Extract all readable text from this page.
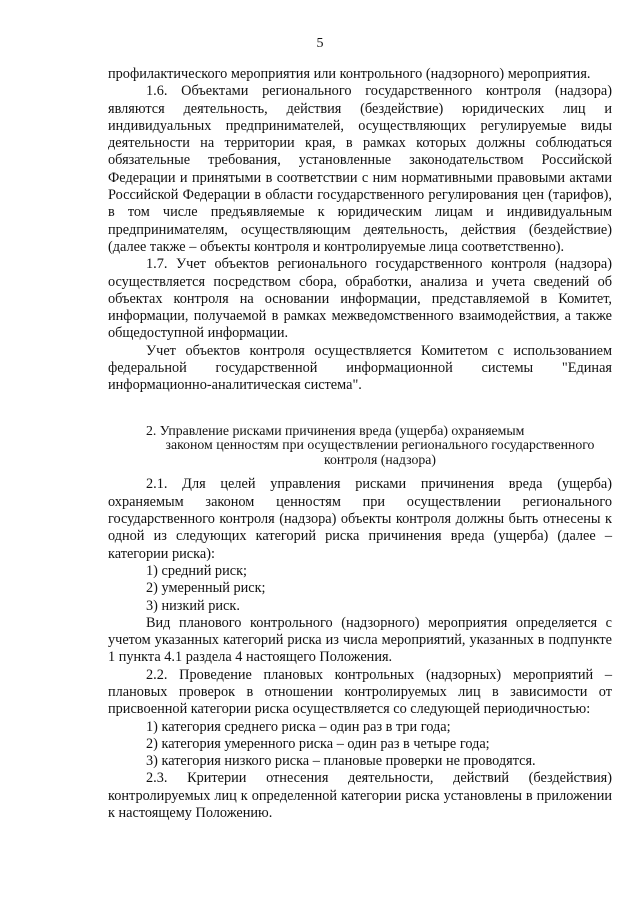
5

профилактического мероприятия или контрольного (надзорного) мероприятия.

1.6. Объектами регионального государственного контроля (надзора) являются деятельность, действия (бездействие) юридических лиц и индивидуальных предпринимателей, осуществляющих регулируемые виды деятельности на территории края, в рамках которых должны соблюдаться обязательные требования, установленные законодательством Российской Федерации и принятыми в соответствии с ним нормативными правовыми актами Российской Федерации в области государственного регулирования цен (тарифов), в том числе предъявляемые к юридическим лицам и индивидуальным предпринимателям, осуществляющим деятельность, действия (бездействие) (далее также – объекты контроля и контролируемые лица соответственно).

1.7. Учет объектов регионального государственного контроля (надзора) осуществляется посредством сбора, обработки, анализа и учета сведений об объектах контроля на основании информации, представляемой в Комитет, информации, получаемой в рамках межведомственного взаимодействия, а также общедоступной информации.

Учет объектов контроля осуществляется Комитетом с использованием федеральной государственной информационной системы "Единая информационно-аналитическая система".

2. Управление рисками причинения вреда (ущерба) охраняемым
законом ценностям при осуществлении регионального государственного контроля (надзора)

2.1. Для целей управления рисками причинения вреда (ущерба) охраняемым законом ценностям при осуществлении регионального государственного контроля (надзора) объекты контроля должны быть отнесены к одной из следующих категорий риска причинения вреда (ущерба) (далее – категории риска):

1) средний риск;

2) умеренный риск;

3) низкий риск.

Вид планового контрольного (надзорного) мероприятия определяется с учетом указанных категорий риска из числа мероприятий, указанных в подпункте 1 пункта 4.1 раздела 4 настоящего Положения.

2.2. Проведение плановых контрольных (надзорных) мероприятий – плановых проверок в отношении контролируемых лиц в зависимости от присвоенной категории риска осуществляется со следующей периодичностью:

1) категория среднего риска – один раз в три года;

2) категория умеренного риска – один раз в четыре года;

3) категория низкого риска – плановые проверки не проводятся.

2.3. Критерии отнесения деятельности, действий (бездействия) контролируемых лиц к определенной категории риска установлены в приложении к настоящему Положению.
